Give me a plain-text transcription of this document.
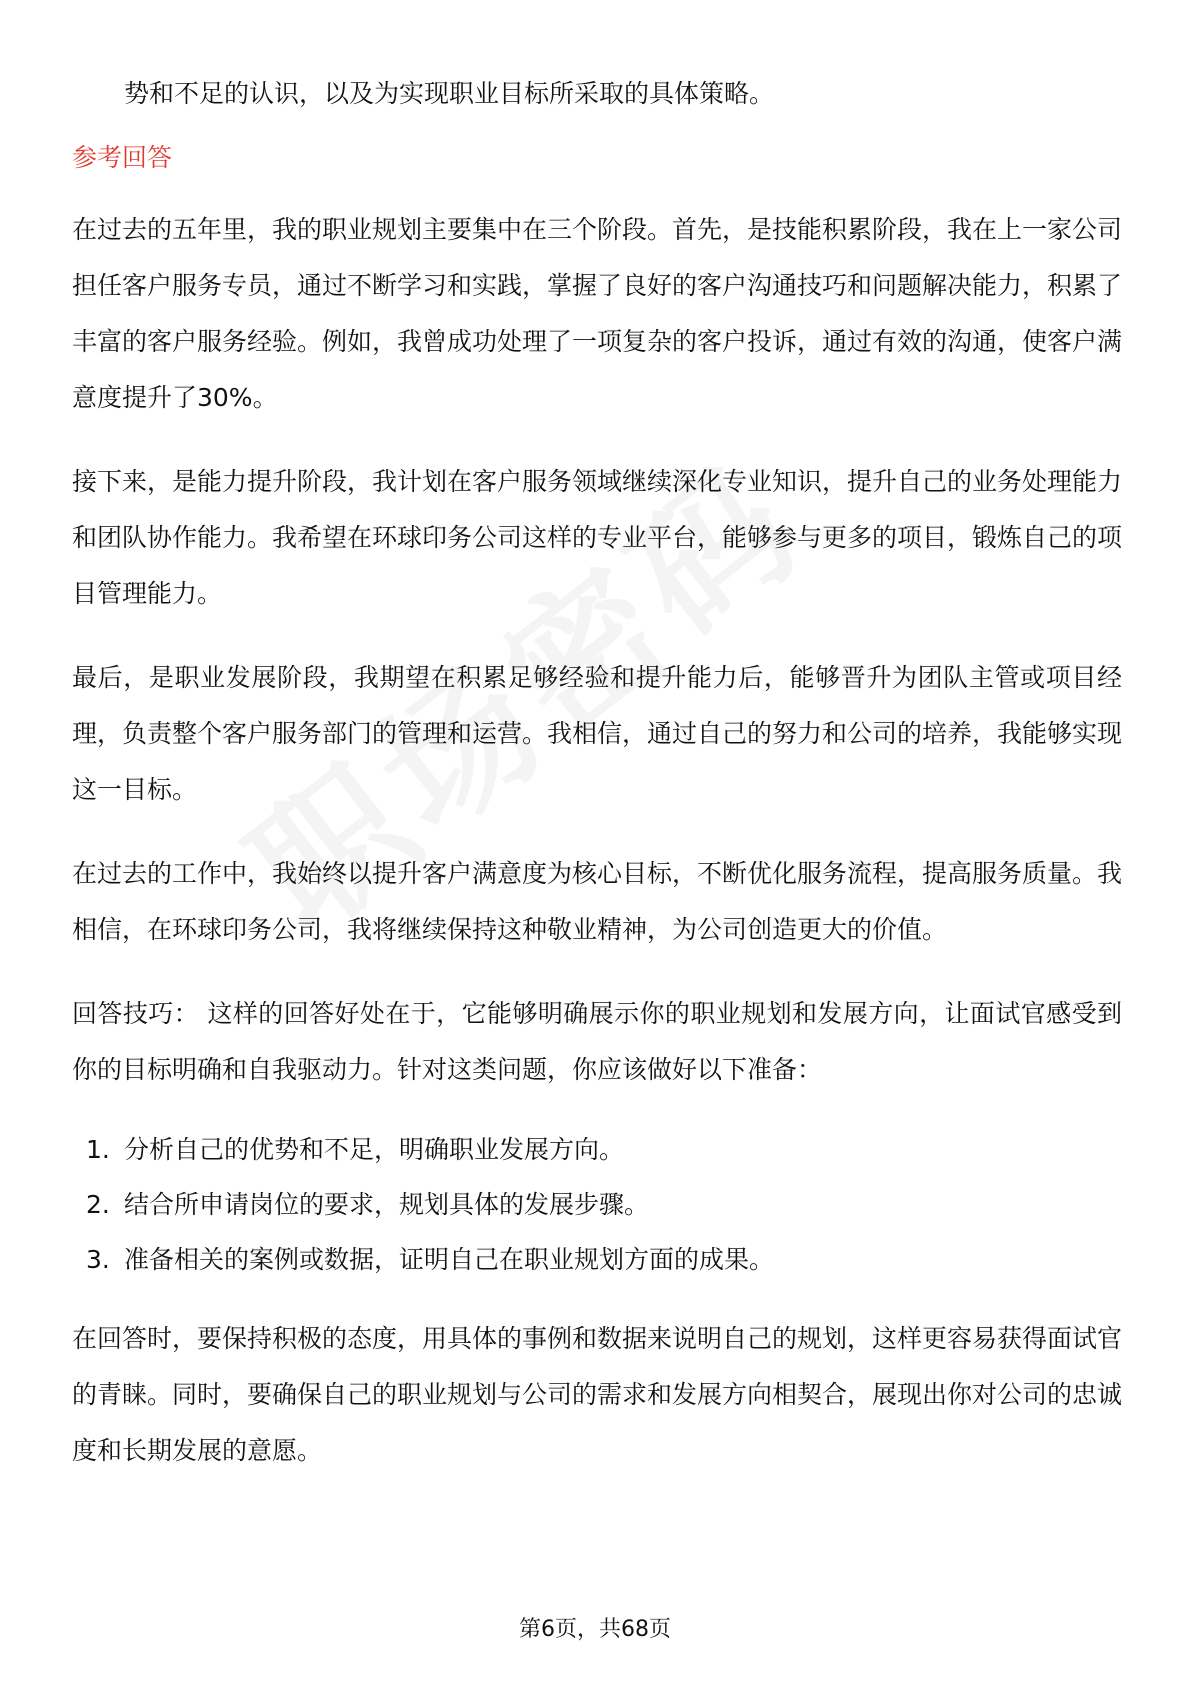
势和不足的认识，以及为实现职业目标所采取的具体策略。

参考回答

在过去的五年里，我的职业规划主要集中在三个阶段。首先，是技能积累阶段，我在上一家公司担任客户服务专员，通过不断学习和实践，掌握了良好的客户沟通技巧和问题解决能力，积累了丰富的客户服务经验。例如，我曾成功处理了一项复杂的客户投诉，通过有效的沟通，使客户满意度提升了30%。

接下来，是能力提升阶段，我计划在客户服务领域继续深化专业知识，提升自己的业务处理能力和团队协作能力。我希望在环球印务公司这样的专业平台，能够参与更多的项目，锻炼自己的项目管理能力。

最后，是职业发展阶段，我期望在积累足够经验和提升能力后，能够晋升为团队主管或项目经理，负责整个客户服务部门的管理和运营。我相信，通过自己的努力和公司的培养，我能够实现这一目标。

在过去的工作中，我始终以提升客户满意度为核心目标，不断优化服务流程，提高服务质量。我相信，在环球印务公司，我将继续保持这种敬业精神，为公司创造更大的价值。

回答技巧： 这样的回答好处在于，它能够明确展示你的职业规划和发展方向，让面试官感受到你的目标明确和自我驱动力。针对这类问题，你应该做好以下准备：

1. 分析自己的优势和不足，明确职业发展方向。
2. 结合所申请岗位的要求，规划具体的发展步骤。
3. 准备相关的案例或数据，证明自己在职业规划方面的成果。

在回答时，要保持积极的态度，用具体的事例和数据来说明自己的规划，这样更容易获得面试官的青睐。同时，要确保自己的职业规划与公司的需求和发展方向相契合，展现出你对公司的忠诚度和长期发展的意愿。

第6页，共68页
